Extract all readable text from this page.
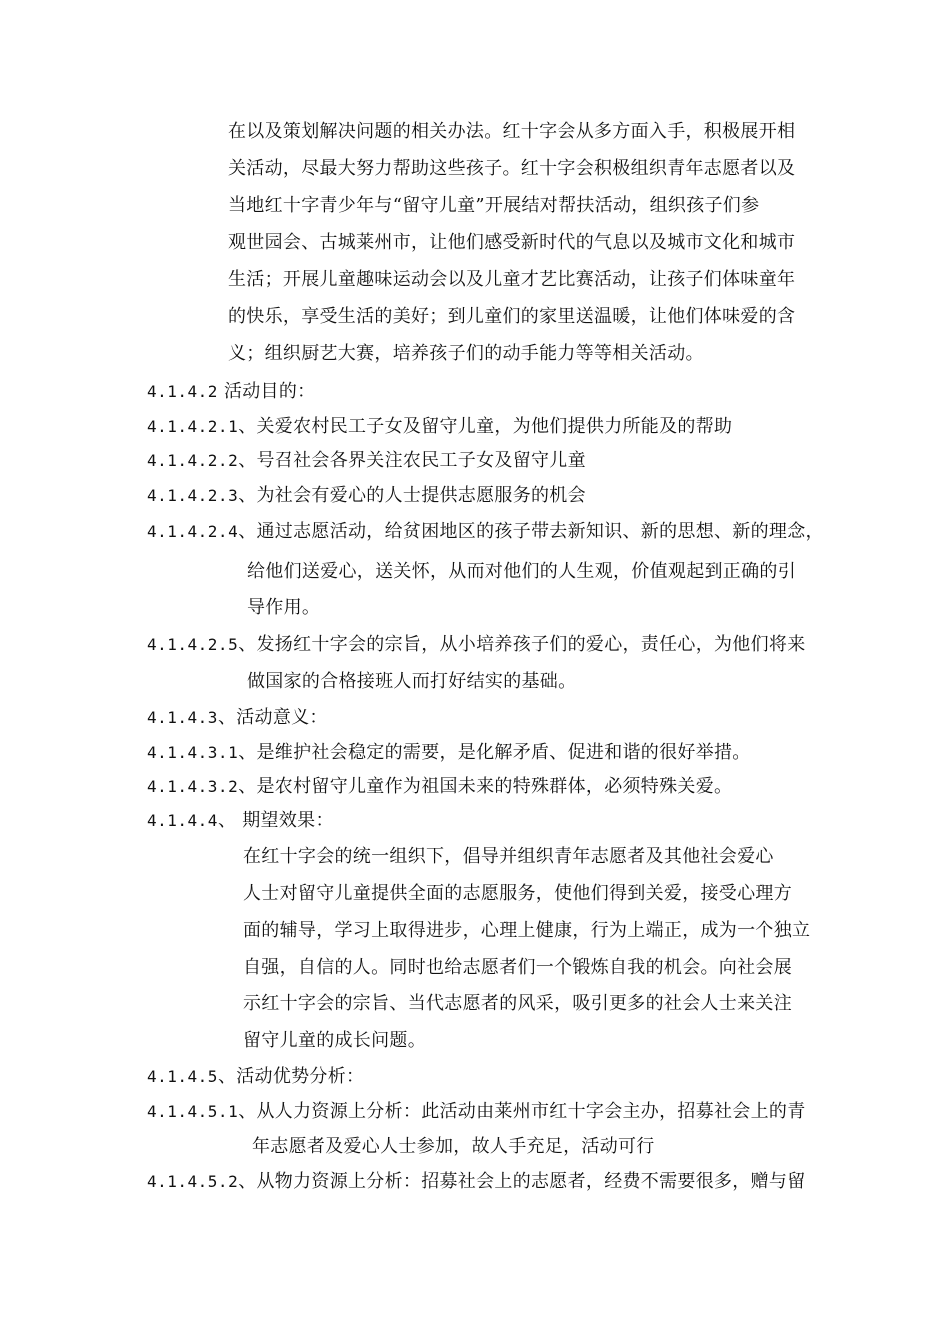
在以及策划解决问题的相关办法。红十字会从多方面入手，积极展开相
关活动，尽最大努力帮助这些孩子。红十字会积极组织青年志愿者以及
当地红十字青少年与“留守儿童”开展结对帮扶活动，组织孩子们参
观世园会、古城莱州市，让他们感受新时代的气息以及城市文化和城市
生活；开展儿童趣味运动会以及儿童才艺比赛活动，让孩子们体味童年
的快乐，享受生活的美好；到儿童们的家里送温暖，让他们体味爱的含
义；组织厨艺大赛，培养孩子们的动手能力等等相关活动。
4.1.4.2 活动目的：
4.1.4.2.1、关爱农村民工子女及留守儿童，为他们提供力所能及的帮助
4.1.4.2.2、号召社会各界关注农民工子女及留守儿童
4.1.4.2.3、为社会有爱心的人士提供志愿服务的机会
4.1.4.2.4、通过志愿活动，给贫困地区的孩子带去新知识、新的思想、新的理念，
给他们送爱心，送关怀，从而对他们的人生观，价值观起到正确的引
导作用。
4.1.4.2.5、发扬红十字会的宗旨，从小培养孩子们的爱心，责任心，为他们将来
做国家的合格接班人而打好结实的基础。
4.1.4.3、活动意义：
4.1.4.3.1、是维护社会稳定的需要，是化解矛盾、促进和谐的很好举措。
4.1.4.3.2、是农村留守儿童作为祖国未来的特殊群体，必须特殊关爱。
4.1.4.4、 期望效果：
在红十字会的统一组织下，倡导并组织青年志愿者及其他社会爱心
人士对留守儿童提供全面的志愿服务，使他们得到关爱，接受心理方
面的辅导，学习上取得进步，心理上健康，行为上端正，成为一个独立
自强，自信的人。同时也给志愿者们一个锻炼自我的机会。向社会展
示红十字会的宗旨、当代志愿者的风采，吸引更多的社会人士来关注
留守儿童的成长问题。
4.1.4.5、活动优势分析：
4.1.4.5.1、从人力资源上分析：此活动由莱州市红十字会主办，招募社会上的青
年志愿者及爱心人士参加，故人手充足，活动可行
4.1.4.5.2、从物力资源上分析：招募社会上的志愿者，经费不需要很多，赠与留
